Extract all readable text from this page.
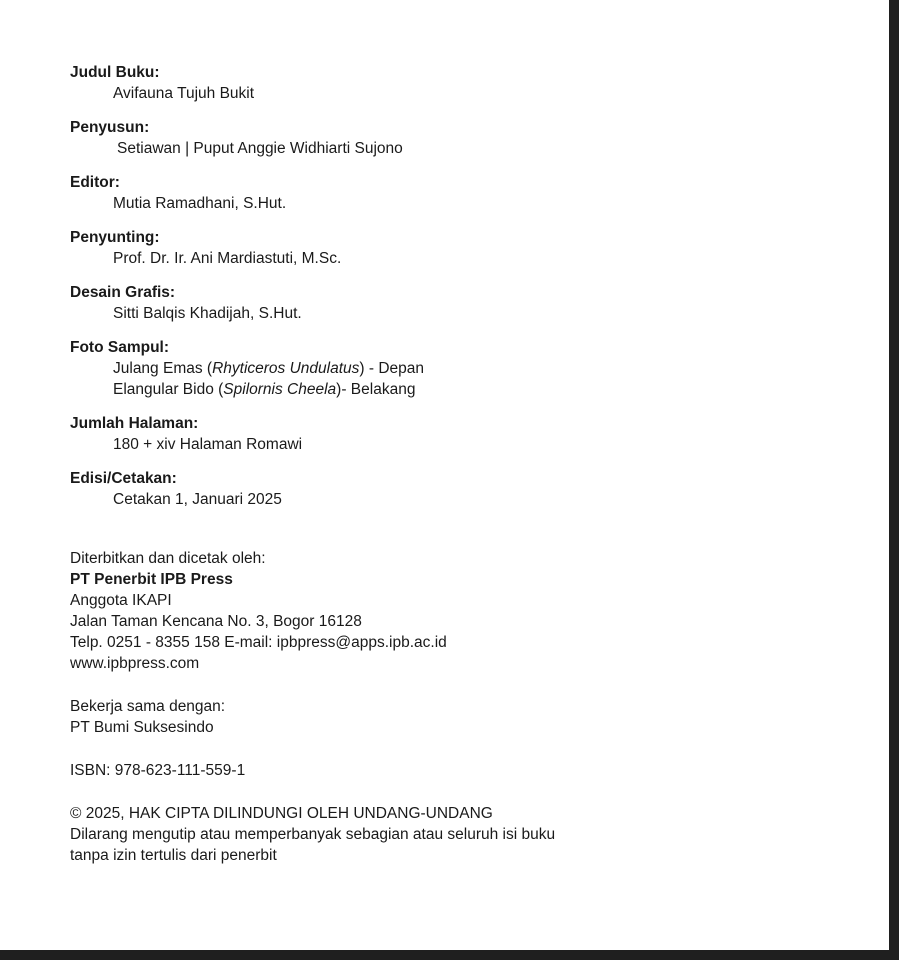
Judul Buku:
Avifauna Tujuh Bukit
Penyusun:
Setiawan | Puput Anggie Widhiarti Sujono
Editor:
Mutia Ramadhani, S.Hut.
Penyunting:
Prof. Dr. Ir. Ani Mardiastuti, M.Sc.
Desain Grafis:
Sitti Balqis Khadijah, S.Hut.
Foto Sampul:
Julang Emas (Rhyticeros Undulatus) - Depan
Elangular Bido (Spilornis Cheela)- Belakang
Jumlah Halaman:
180 + xiv Halaman Romawi
Edisi/Cetakan:
Cetakan 1, Januari 2025
Diterbitkan dan dicetak oleh:
PT Penerbit IPB Press
Anggota IKAPI
Jalan Taman Kencana No. 3, Bogor 16128
Telp. 0251 - 8355 158 E-mail: ipbpress@apps.ipb.ac.id
www.ipbpress.com
Bekerja sama dengan:
PT Bumi Suksesindo
ISBN: 978-623-111-559-1
© 2025, HAK CIPTA DILINDUNGI OLEH UNDANG-UNDANG
Dilarang mengutip atau memperbanyak sebagian atau seluruh isi buku
tanpa izin tertulis dari penerbit
